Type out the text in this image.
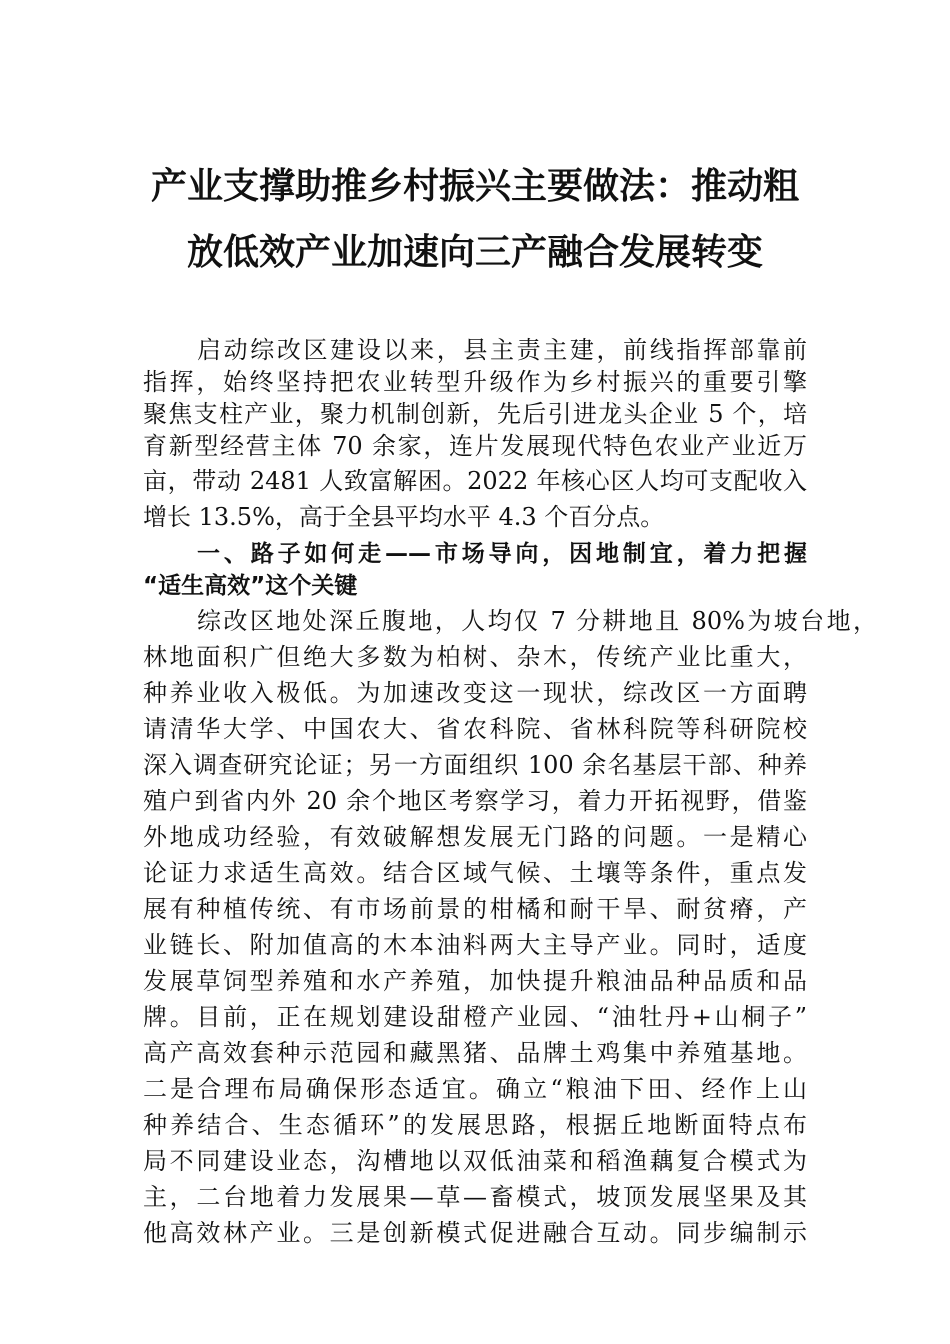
产业支撑助推乡村振兴主要做法：推动粗
放低效产业加速向三产融合发展转变
启动综改区建设以来，县主责主建，前线指挥部靠前
指挥，始终坚持把农业转型升级作为乡村振兴的重要引擎
聚焦支柱产业，聚力机制创新，先后引进龙头企业 5 个，培
育新型经营主体 70 余家，连片发展现代特色农业产业近万
亩，带动 2481 人致富解困。2022 年核心区人均可支配收入
增长 13.5%，高于全县平均水平 4.3 个百分点。
一、路子如何走——市场导向，因地制宜，着力把握
“适生高效”这个关键
综改区地处深丘腹地，人均仅 7 分耕地且 80%为坡台地，
林地面积广但绝大多数为柏树、杂木，传统产业比重大，
种养业收入极低。为加速改变这一现状，综改区一方面聘
请清华大学、中国农大、省农科院、省林科院等科研院校
深入调查研究论证；另一方面组织 100 余名基层干部、种养
殖户到省内外 20 余个地区考察学习，着力开拓视野，借鉴
外地成功经验，有效破解想发展无门路的问题。一是精心
论证力求适生高效。结合区域气候、土壤等条件，重点发
展有种植传统、有市场前景的柑橘和耐干旱、耐贫瘠，产
业链长、附加值高的木本油料两大主导产业。同时，适度
发展草饲型养殖和水产养殖，加快提升粮油品种品质和品
牌。目前，正在规划建设甜橙产业园、“油牡丹+山桐子”
高产高效套种示范园和藏黑猪、品牌土鸡集中养殖基地。
二是合理布局确保形态适宜。确立“粮油下田、经作上山
种养结合、生态循环”的发展思路，根据丘地断面特点布
局不同建设业态，沟槽地以双低油菜和稻渔藕复合模式为
主，二台地着力发展果—草—畜模式，坡顶发展坚果及其
他高效林产业。三是创新模式促进融合互动。同步编制示
